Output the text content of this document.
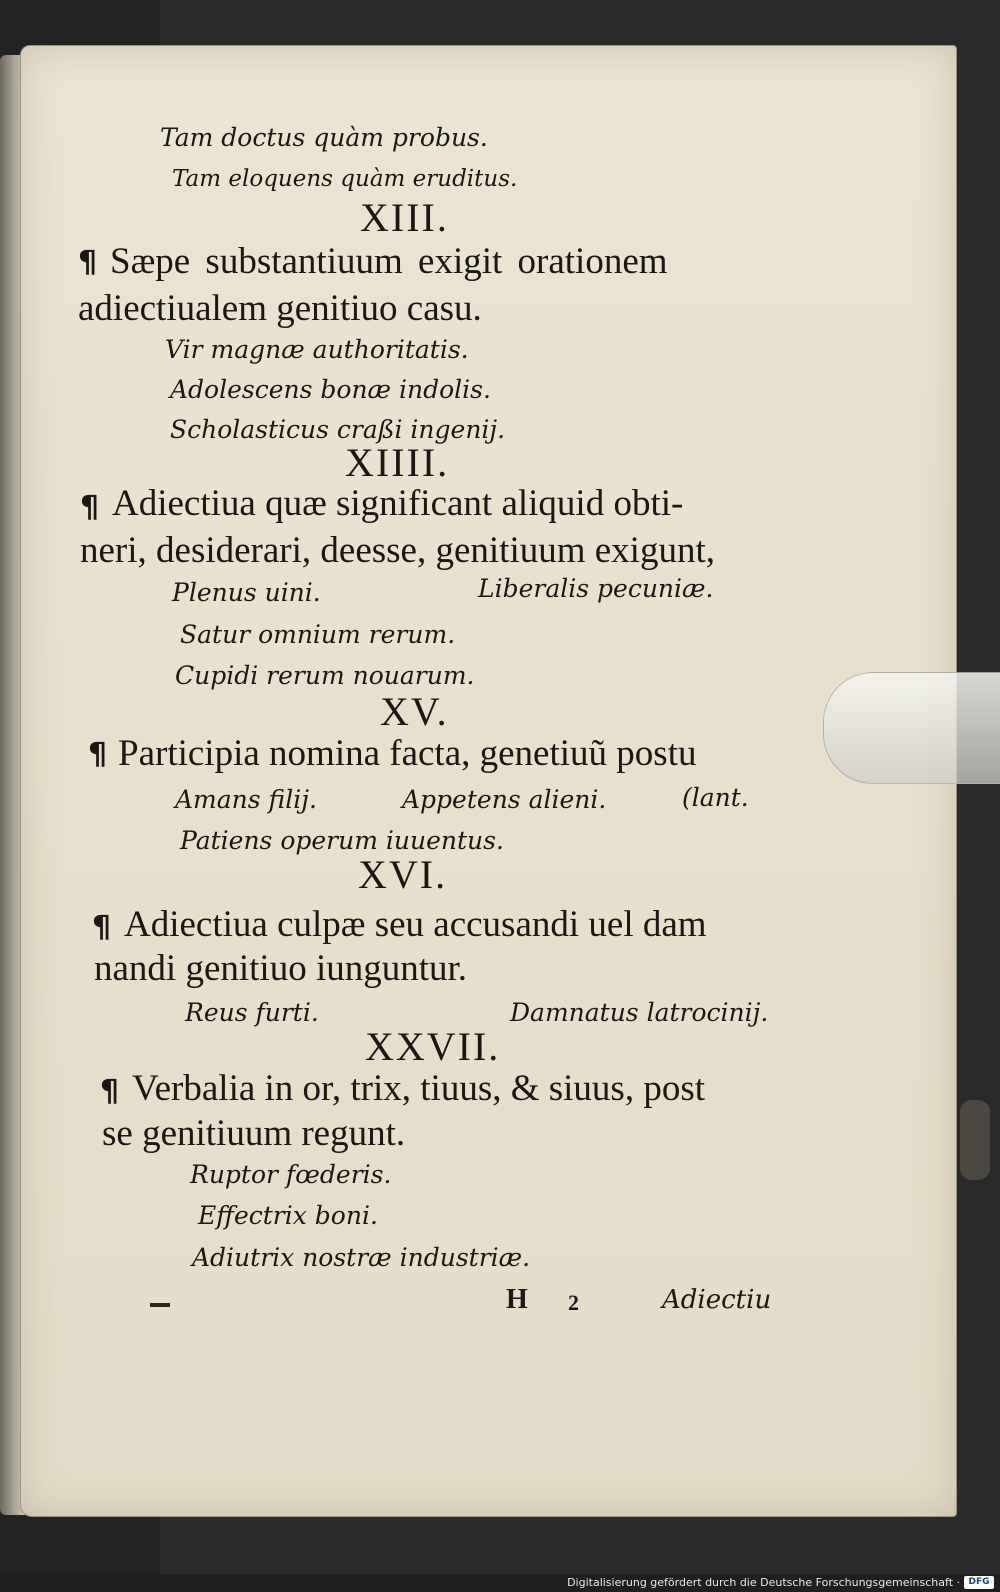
Tam doctus quàm probus.
Tam eloquens quàm eruditus.
XIII.
¶ Sæpe substantiuum exigit orationem
adiectiualem genitiuo casu.
Vir magnæ authoritatis.
Adolescens bonæ indolis.
Scholasticus craßi ingenij.
XIIII.
¶ Adiectiua quæ significant aliquid obti-
neri, desiderari, deesse, genitiuum exigunt,
Plenus uini.	Liberalis pecuniæ.
Satur omnium rerum.
Cupidi rerum nouarum.
XV.
¶ Participia nomina facta, genetiuũ postu
Amans filij.	Appetens alieni.	(lant.
Patiens operum iuuentus.
XVI.
¶ Adiectiua culpæ seu accusandi uel dam
nandi genitiuo iunguntur.
Reus furti.	Damnatus latrocinij.
XXVII.
¶ Verbalia in or, trix, tiuus, & siuus, post
se genitiuum regunt.
Ruptor fœderis.
Effectrix boni.
Adiutrix nostræ industriæ.
H 2	Adiectiu
Digitalisierung gefördert durch die Deutsche Forschungsgemeinschaft · DFG
